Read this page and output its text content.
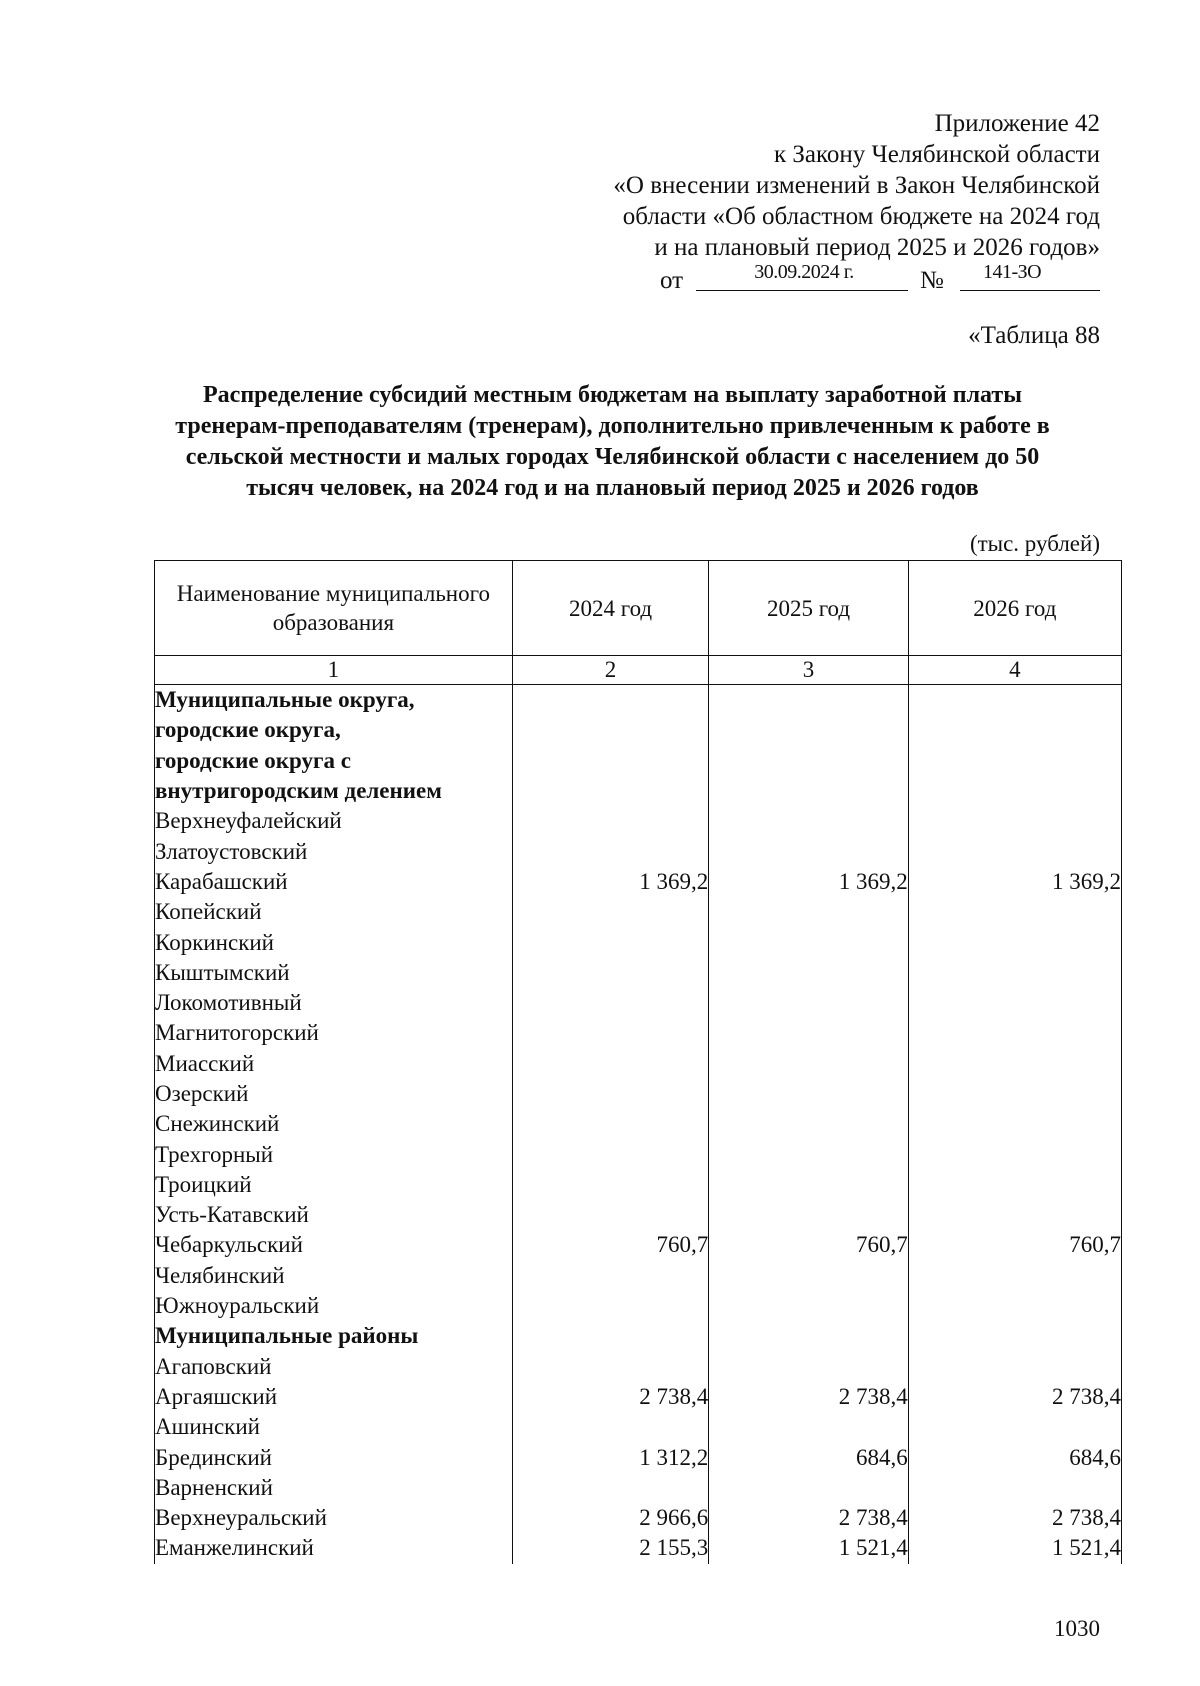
Приложение 42
к Закону Челябинской области
«О внесении изменений в Закон Челябинской
области «Об областном бюджете на 2024 год
и на плановый период 2025 и 2026 годов»
от	30.09.2024 г.	№	141-ЗО
«Таблица 88
Распределение субсидий местным бюджетам на выплату заработной платы тренерам-преподавателям (тренерам), дополнительно привлеченным к работе в сельской местности и малых городах Челябинской области с населением до 50 тысяч человек, на 2024 год и на плановый период 2025 и 2026 годов
(тыс. рублей)
Наименование муниципального образования	2024 год	2025 год	2026 год
1	2	3	4
Муниципальные округа,			
городские округа,			
городские округа с			
внутригородским делением			
Верхнеуфалейский			
Златоустовский			
Карабашский	1 369,2	1 369,2	1 369,2
Копейский			
Коркинский			
Кыштымский			
Локомотивный			
Магнитогорский			
Миасский			
Озерский			
Снежинский			
Трехгорный			
Троицкий			
Усть-Катавский			
Чебаркульский	760,7	760,7	760,7
Челябинский			
Южноуральский			
Муниципальные районы			
Агаповский			
Аргаяшский	2 738,4	2 738,4	2 738,4
Ашинский			
Брединский	1 312,2	684,6	684,6
Варненский			
Верхнеуральский	2 966,6	2 738,4	2 738,4
Еманжелинский	2 155,3	1 521,4	1 521,4
1030
